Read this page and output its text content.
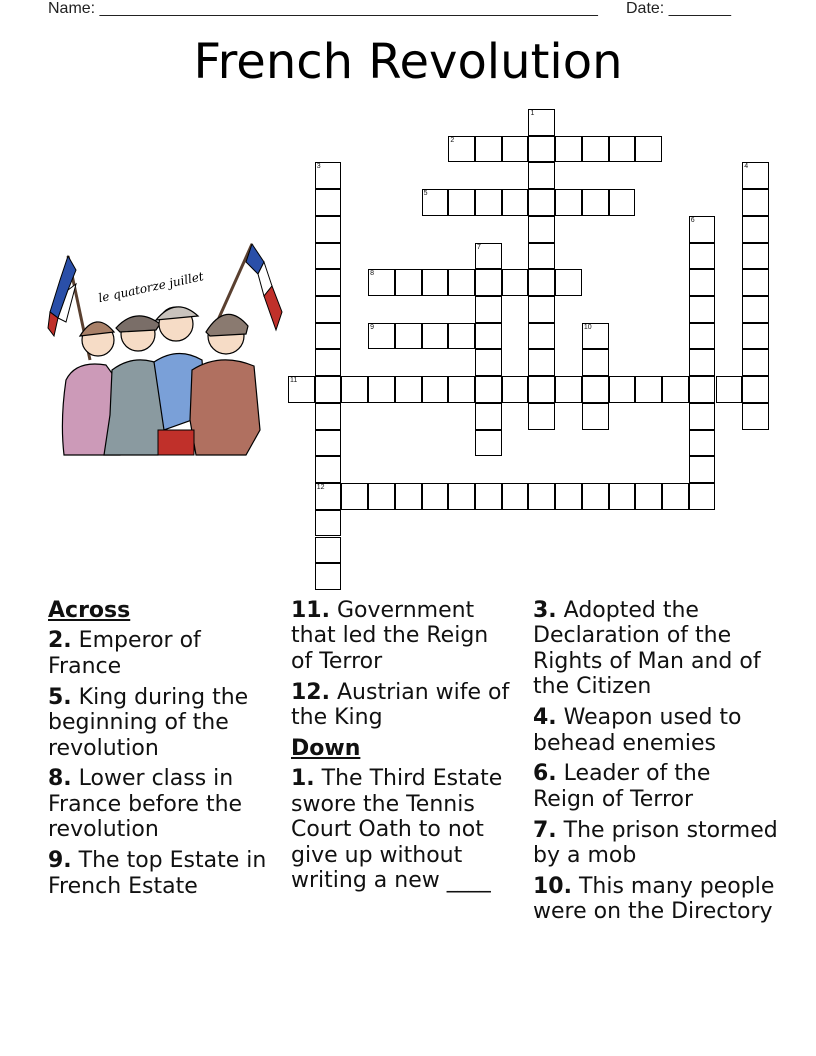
Name: ________________________________________________________ Date: _______
French Revolution
2
5
8
9
11
12
1
3	4
6
7
10
le quatorze juillet
Across
2. Emperor of France
5. King during the beginning of the revolution
8. Lower class in France before the revolution
9. The top Estate in French Estate
11. Government that led the Reign of Terror
12. Austrian wife of the King
Down
1. The Third Estate swore the Tennis Court Oath to not give up without writing a new ____
3. Adopted the Declaration of the Rights of Man and of the Citizen
4. Weapon used to behead enemies
6. Leader of the Reign of Terror
7. The prison stormed by a mob
10. This many people were on the Directory
